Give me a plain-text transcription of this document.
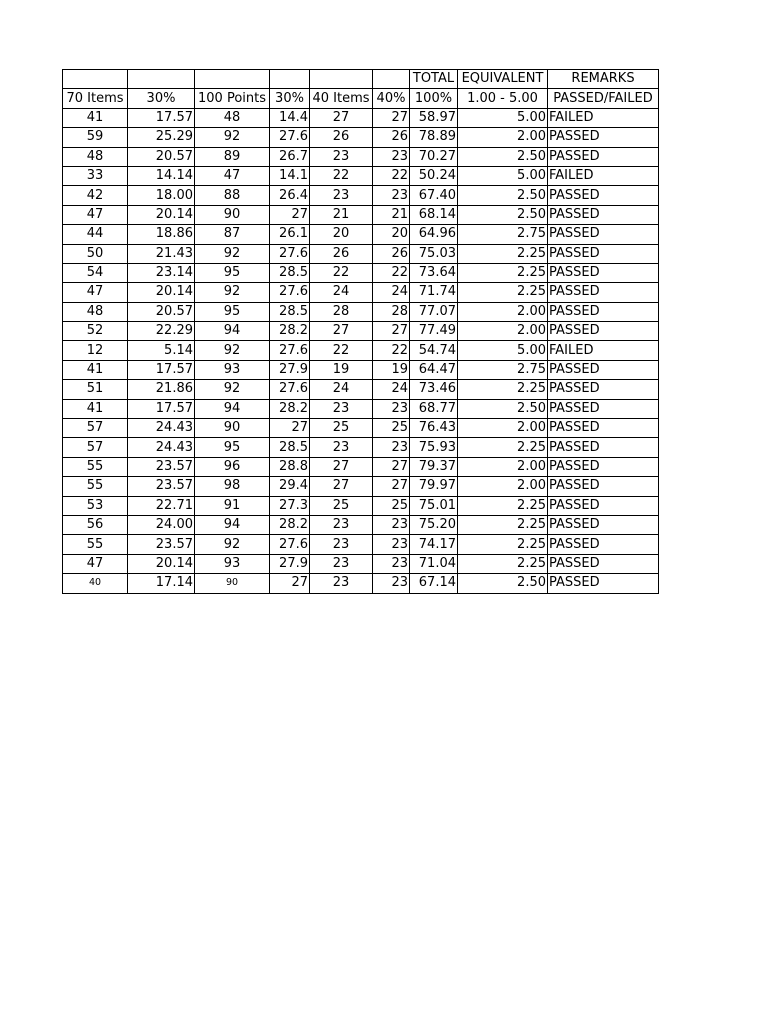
						TOTAL	EQUIVALENT	REMARKS
70 Items	30%	100 Points	30%	40 Items	40%	100%	1.00 - 5.00	PASSED/FAILED
41	17.57	48	14.4	27	27	58.97	5.00	FAILED
59	25.29	92	27.6	26	26	78.89	2.00	PASSED
48	20.57	89	26.7	23	23	70.27	2.50	PASSED
33	14.14	47	14.1	22	22	50.24	5.00	FAILED
42	18.00	88	26.4	23	23	67.40	2.50	PASSED
47	20.14	90	27	21	21	68.14	2.50	PASSED
44	18.86	87	26.1	20	20	64.96	2.75	PASSED
50	21.43	92	27.6	26	26	75.03	2.25	PASSED
54	23.14	95	28.5	22	22	73.64	2.25	PASSED
47	20.14	92	27.6	24	24	71.74	2.25	PASSED
48	20.57	95	28.5	28	28	77.07	2.00	PASSED
52	22.29	94	28.2	27	27	77.49	2.00	PASSED
12	5.14	92	27.6	22	22	54.74	5.00	FAILED
41	17.57	93	27.9	19	19	64.47	2.75	PASSED
51	21.86	92	27.6	24	24	73.46	2.25	PASSED
41	17.57	94	28.2	23	23	68.77	2.50	PASSED
57	24.43	90	27	25	25	76.43	2.00	PASSED
57	24.43	95	28.5	23	23	75.93	2.25	PASSED
55	23.57	96	28.8	27	27	79.37	2.00	PASSED
55	23.57	98	29.4	27	27	79.97	2.00	PASSED
53	22.71	91	27.3	25	25	75.01	2.25	PASSED
56	24.00	94	28.2	23	23	75.20	2.25	PASSED
55	23.57	92	27.6	23	23	74.17	2.25	PASSED
47	20.14	93	27.9	23	23	71.04	2.25	PASSED
40	17.14	90	27	23	23	67.14	2.50	PASSED
